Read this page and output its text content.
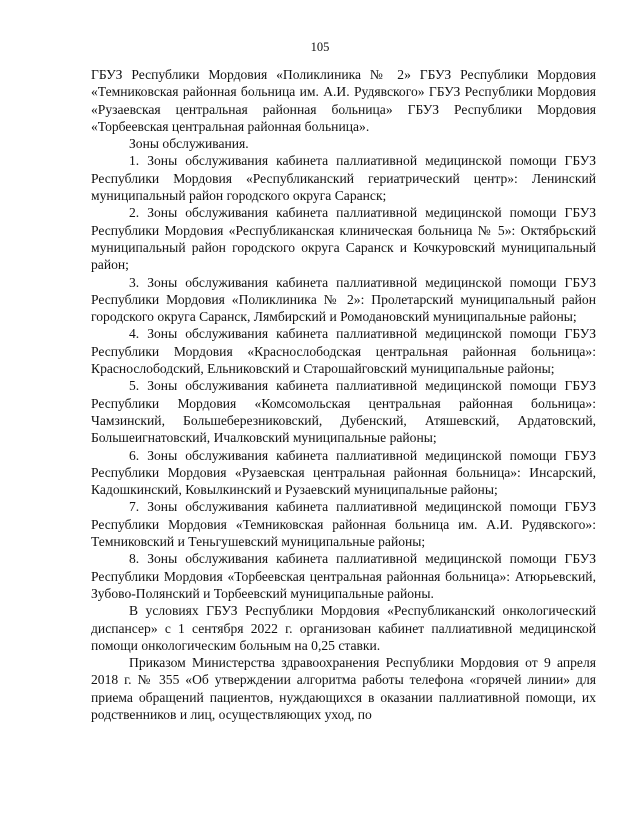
105

ГБУЗ Республики Мордовия «Поликлиника № 2» ГБУЗ Республики Мордовия «Темниковская районная больница им. А.И. Рудявского» ГБУЗ Республики Мордовия «Рузаевская центральная районная больница» ГБУЗ Республики Мордовия «Торбеевская центральная районная больница».

Зоны обслуживания.

1. Зоны обслуживания кабинета паллиативной медицинской помощи ГБУЗ Республики Мордовия «Республиканский гериатрический центр»: Ленинский муниципальный район городского округа Саранск;

2. Зоны обслуживания кабинета паллиативной медицинской помощи ГБУЗ Республики Мордовия «Республиканская клиническая больница № 5»: Октябрьский муниципальный район городского округа Саранск и Кочкуровский муниципальный район;

3. Зоны обслуживания кабинета паллиативной медицинской помощи ГБУЗ Республики Мордовия «Поликлиника № 2»: Пролетарский муниципальный район городского округа Саранск, Лямбирский и Ромодановский муниципальные районы;

4. Зоны обслуживания кабинета паллиативной медицинской помощи ГБУЗ Республики Мордовия «Краснослободская центральная районная больница»: Краснослободский, Ельниковский и Старошайговский муниципальные районы;

5. Зоны обслуживания кабинета паллиативной медицинской помощи ГБУЗ Республики Мордовия «Комсомольская центральная районная больница»: Чамзинский, Большеберезниковский, Дубенский, Атяшевский, Ардатовский, Большеигнатовский, Ичалковский муниципальные районы;

6. Зоны обслуживания кабинета паллиативной медицинской помощи ГБУЗ Республики Мордовия «Рузаевская центральная районная больница»: Инсарский, Кадошкинский, Ковылкинский и Рузаевский муниципальные районы;

7. Зоны обслуживания кабинета паллиативной медицинской помощи ГБУЗ Республики Мордовия «Темниковская районная больница им. А.И. Рудявского»: Темниковский и Теньгушевский муниципальные районы;

8. Зоны обслуживания кабинета паллиативной медицинской помощи ГБУЗ Республики Мордовия «Торбеевская центральная районная больница»: Атюрьевский, Зубово-Полянский и Торбеевский муниципальные районы.

В условиях ГБУЗ Республики Мордовия «Республиканский онкологический диспансер» с 1 сентября 2022 г. организован кабинет паллиативной медицинской помощи онкологическим больным на 0,25 ставки.

Приказом Министерства здравоохранения Республики Мордовия от 9 апреля 2018 г. № 355 «Об утверждении алгоритма работы телефона «горячей линии» для приема обращений пациентов, нуждающихся в оказании паллиативной помощи, их родственников и лиц, осуществляющих уход, по
